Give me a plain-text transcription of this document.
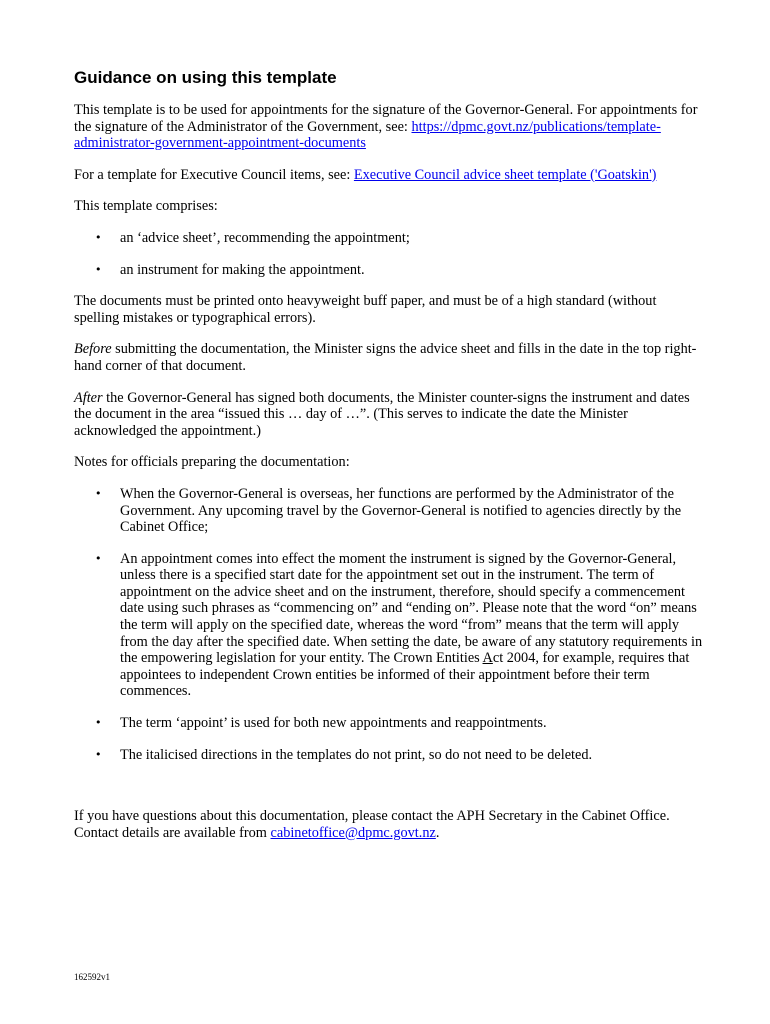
Guidance on using this template

This template is to be used for appointments for the signature of the Governor-General. For appointments for the signature of the Administrator of the Government, see: https://dpmc.govt.nz/publications/template-administrator-government-appointment-documents

For a template for Executive Council items, see: Executive Council advice sheet template ('Goatskin')

This template comprises:

• an ‘advice sheet’, recommending the appointment;
• an instrument for making the appointment.

The documents must be printed onto heavyweight buff paper, and must be of a high standard (without spelling mistakes or typographical errors).

Before submitting the documentation, the Minister signs the advice sheet and fills in the date in the top right-hand corner of that document.

After the Governor-General has signed both documents, the Minister counter-signs the instrument and dates the document in the area “issued this … day of …”. (This serves to indicate the date the Minister acknowledged the appointment.)

Notes for officials preparing the documentation:

• When the Governor-General is overseas, her functions are performed by the Administrator of the Government. Any upcoming travel by the Governor-General is notified to agencies directly by the Cabinet Office;
• An appointment comes into effect the moment the instrument is signed by the Governor-General, unless there is a specified start date for the appointment set out in the instrument. The term of appointment on the advice sheet and on the instrument, therefore, should specify a commencement date using such phrases as “commencing on” and “ending on”. Please note that the word “on” means the term will apply on the specified date, whereas the word “from” means that the term will apply from the day after the specified date. When setting the date, be aware of any statutory requirements in the empowering legislation for your entity. The Crown Entities Act 2004, for example, requires that appointees to independent Crown entities be informed of their appointment before their term commences.
• The term ‘appoint’ is used for both new appointments and reappointments.
• The italicised directions in the templates do not print, so do not need to be deleted.

If you have questions about this documentation, please contact the APH Secretary in the Cabinet Office. Contact details are available from cabinetoffice@dpmc.govt.nz.

162592v1
